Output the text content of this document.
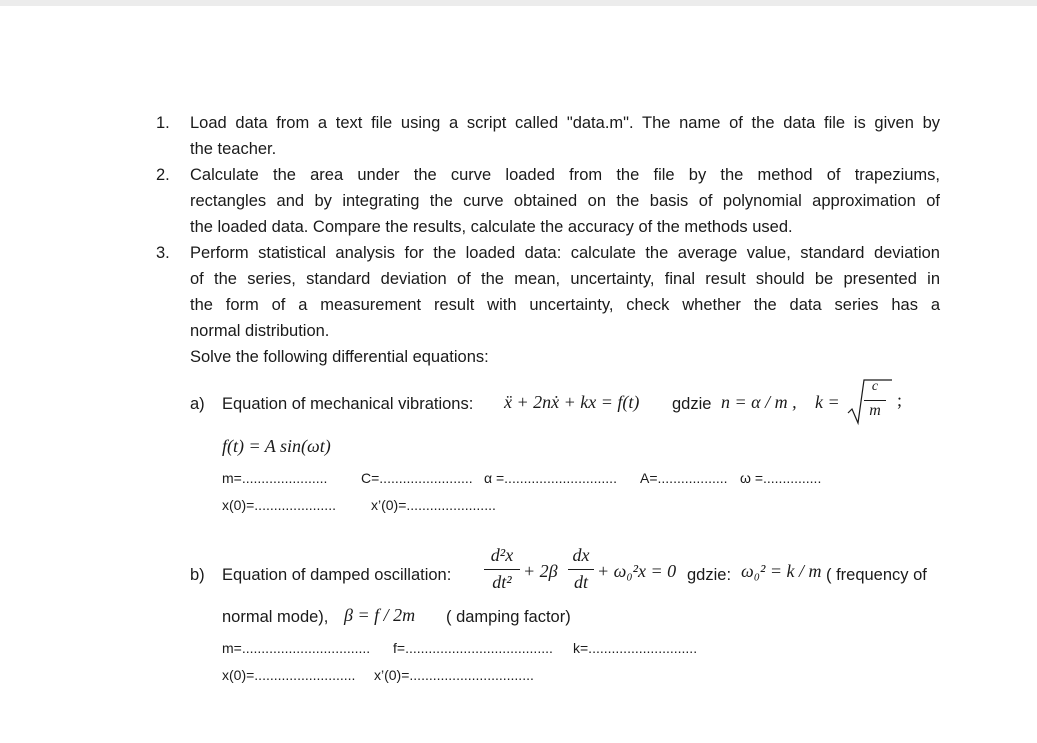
1. Load data from a text file using a script called "data.m". The name of the data file is given by
the teacher.
2. Calculate the area under the curve loaded from the file by the method of trapeziums,
rectangles and by integrating the curve obtained on the basis of polynomial approximation of
the loaded data. Compare the results, calculate the accuracy of the methods used.
3. Perform statistical analysis for the loaded data: calculate the average value, standard deviation
of the series, standard deviation of the mean, uncertainty, final result should be presented in
the form of a measurement result with uncertainty, check whether the data series has a
normal distribution.
Solve the following differential equations:
a) Equation of mechanical vibrations: ẍ + 2nẋ + kx = f(t) gdzie n = α / m , k =
c
m
;
f(t) = A sin(ωt)
m=...................... C=........................ α =............................. A=.................. ω =...............
x(0)=.....................	x’(0)=.......................
b) Equation of damped oscillation:
d²x
dt²
+ 2β
dx
dt
+ ω₀²x = 0 gdzie: ω₀² = k / m ( frequency of
normal mode), β = f / 2m ( damping factor)
m=................................. f=...................................... k=............................
x(0)=.......................... x’(0)=................................
